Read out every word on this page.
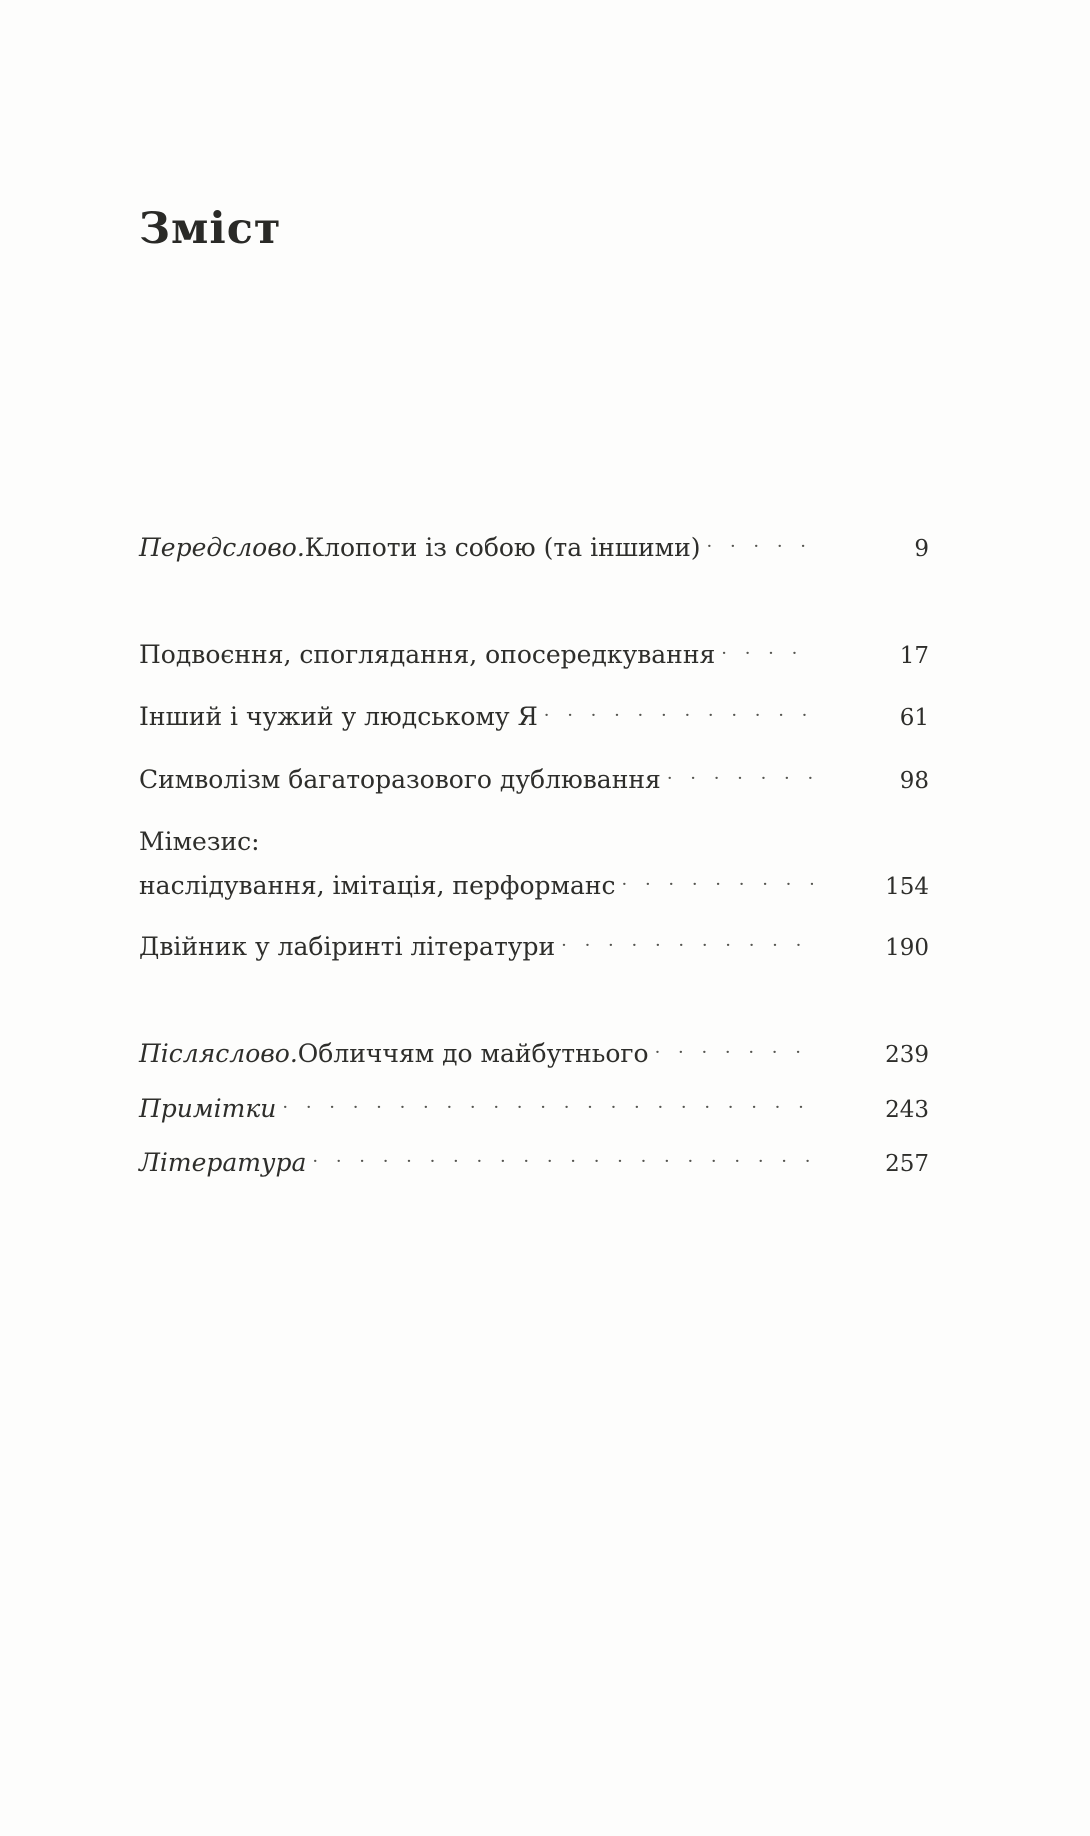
Зміст
Передслово. Клопоти із собою (та іншими) · · ·	9
Подвоєння, споглядання, опосередкування · · ·	17
Інший і чужий у людському Я · · ·	61
Символізм багаторазового дублювання · · ·	98
Мімезис:
наслідування, імітація, перформанс · · ·	154
Двійник у лабіринті літератури · · ·	190
Післяслово. Обличчям до майбутнього · · ·	239
Примітки · · ·	243
Література · · ·	257
